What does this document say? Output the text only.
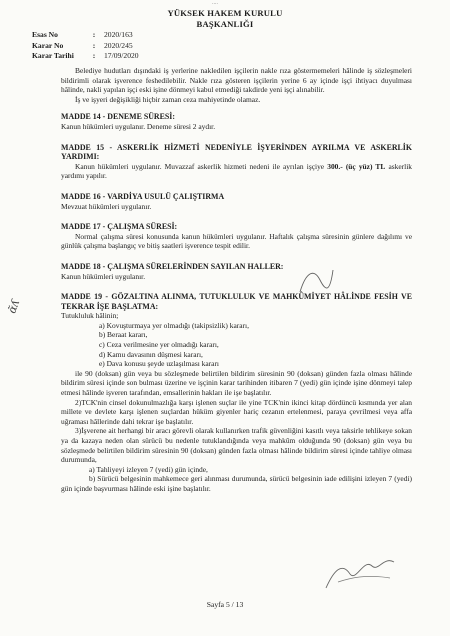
....
YÜKSEK HAKEM KURULU
BAŞKANLIĞI
Esas No	: 2020/163
Karar No	: 2020/245
Karar Tarihi : 17/09/2020
ɑ̃ʎ

Belediye hudutları dışındaki iş yerlerine nakledilen işçilerin nakle rıza göstermemeleri hâlinde iş sözleşmeleri bildirimli olarak işverence feshedilebilir. Nakle rıza gösteren işçilerin yerine 6 ay içinde işçi ihtiyacı duyulması hâlinde, nakli yapılan işçi eski işine dönmeyi kabul etmediği takdirde yeni işçi alınabilir.

İş ve işyeri değişikliği hiçbir zaman ceza mahiyetinde olamaz.

MADDE 14 - DENEME SÜRESİ:

Kanun hükümleri uygulanır. Deneme süresi 2 aydır.

MADDE 15 - ASKERLİK HİZMETİ NEDENİYLE İŞYERİNDEN AYRILMA VE ASKERLİK YARDIMI:

Kanun hükümleri uygulanır. Muvazzaf askerlik hizmeti nedeni ile ayrılan işçiye 300.- (üç yüz) TL askerlik yardımı yapılır.

MADDE 16 - VARDİYA USULÜ ÇALIŞTIRMA

Mevzuat hükümleri uygulanır.

MADDE 17 - ÇALIŞMA SÜRESİ:

Normal çalışma süresi konusunda kanun hükümleri uygulanır. Haftalık çalışma süresinin günlere dağılımı ve günlük çalışma başlangıç ve bitiş saatleri işverence tespit edilir.

MADDE 18 - ÇALIŞMA SÜRELERİNDEN SAYILAN HALLER:

Kanun hükümleri uygulanır.

MADDE 19 - GÖZALTINA ALINMA, TUTUKLULUK VE MAHKÛMİYET HÂLİNDE FESİH VE TEKRAR İŞE BAŞLATMA:

Tutukluluk hâlinin;

a) Kovuşturmaya yer olmadığı (takipsizlik) kararı,

b) Beraat kararı,

c) Ceza verilmesine yer olmadığı kararı,

d) Kamu davasının düşmesi kararı,

e) Dava konusu şeyde uzlaşılması kararı

ile 90 (doksan) gün veya bu sözleşmede belirtilen bildirim süresinin 90 (doksan) günden fazla olması hâlinde bildirim süresi içinde son bulması üzerine ve işçinin karar tarihinden itibaren 7 (yedi) gün içinde işine dönmeyi talep etmesi hâlinde işveren tarafından, emsallerinin hakları ile işe başlatılır.

2)TCK'nin cinsel dokunulmazlığa karşı işlenen suçlar ile yine TCK'nin ikinci kitap dördüncü kısmında yer alan millete ve devlete karşı işlenen suçlardan hüküm giyenler hariç cezanın ertelenmesi, paraya çevrilmesi veya affa uğraması hâllerinde dahi tekrar işe başlatılır.

3)İşverene ait herhangi bir aracı görevli olarak kullanırken trafik güvenliğini kasıtlı veya taksirle tehlikeye sokan ya da kazaya neden olan sürücü bu nedenle tutuklandığında veya mahkûm olduğunda 90 (doksan) gün veya bu sözleşmede belirtilen bildirim süresinin 90 (doksan) günden fazla olması hâlinde bildirim süresi içinde tahliye olması durumunda,

a) Tahliyeyi izleyen 7 (yedi) gün içinde,

b) Sürücü belgesinin mahkemece geri alınması durumunda, sürücü belgesinin iade edilişini izleyen 7 (yedi) gün içinde başvurması hâlinde eski işine başlatılır.

Sayfa 5 / 13
